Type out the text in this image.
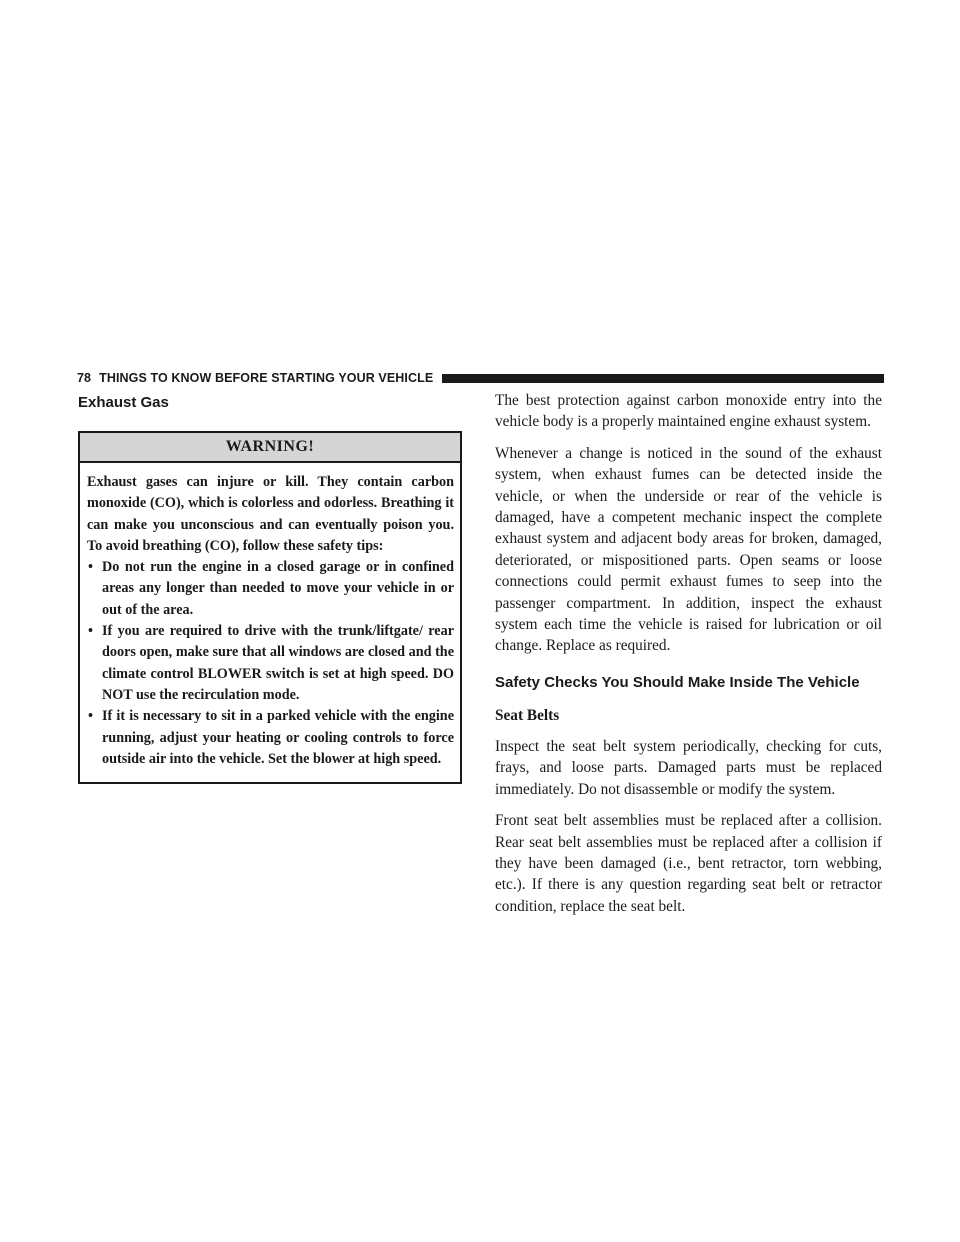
78 THINGS TO KNOW BEFORE STARTING YOUR VEHICLE
Exhaust Gas
WARNING!
Exhaust gases can injure or kill. They contain carbon monoxide (CO), which is colorless and odorless. Breathing it can make you unconscious and can eventually poison you. To avoid breathing (CO), follow these safety tips:
• Do not run the engine in a closed garage or in confined areas any longer than needed to move your vehicle in or out of the area.
• If you are required to drive with the trunk/liftgate/ rear doors open, make sure that all windows are closed and the climate control BLOWER switch is set at high speed. DO NOT use the recirculation mode.
• If it is necessary to sit in a parked vehicle with the engine running, adjust your heating or cooling controls to force outside air into the vehicle. Set the blower at high speed.

The best protection against carbon monoxide entry into the vehicle body is a properly maintained engine exhaust system.

Whenever a change is noticed in the sound of the exhaust system, when exhaust fumes can be detected inside the vehicle, or when the underside or rear of the vehicle is damaged, have a competent mechanic inspect the complete exhaust system and adjacent body areas for broken, damaged, deteriorated, or mispositioned parts. Open seams or loose connections could permit exhaust fumes to seep into the passenger compartment. In addition, inspect the exhaust system each time the vehicle is raised for lubrication or oil change. Replace as required.

Safety Checks You Should Make Inside The Vehicle
Seat Belts

Inspect the seat belt system periodically, checking for cuts, frays, and loose parts. Damaged parts must be replaced immediately. Do not disassemble or modify the system.

Front seat belt assemblies must be replaced after a collision. Rear seat belt assemblies must be replaced after a collision if they have been damaged (i.e., bent retractor, torn webbing, etc.). If there is any question regarding seat belt or retractor condition, replace the seat belt.
